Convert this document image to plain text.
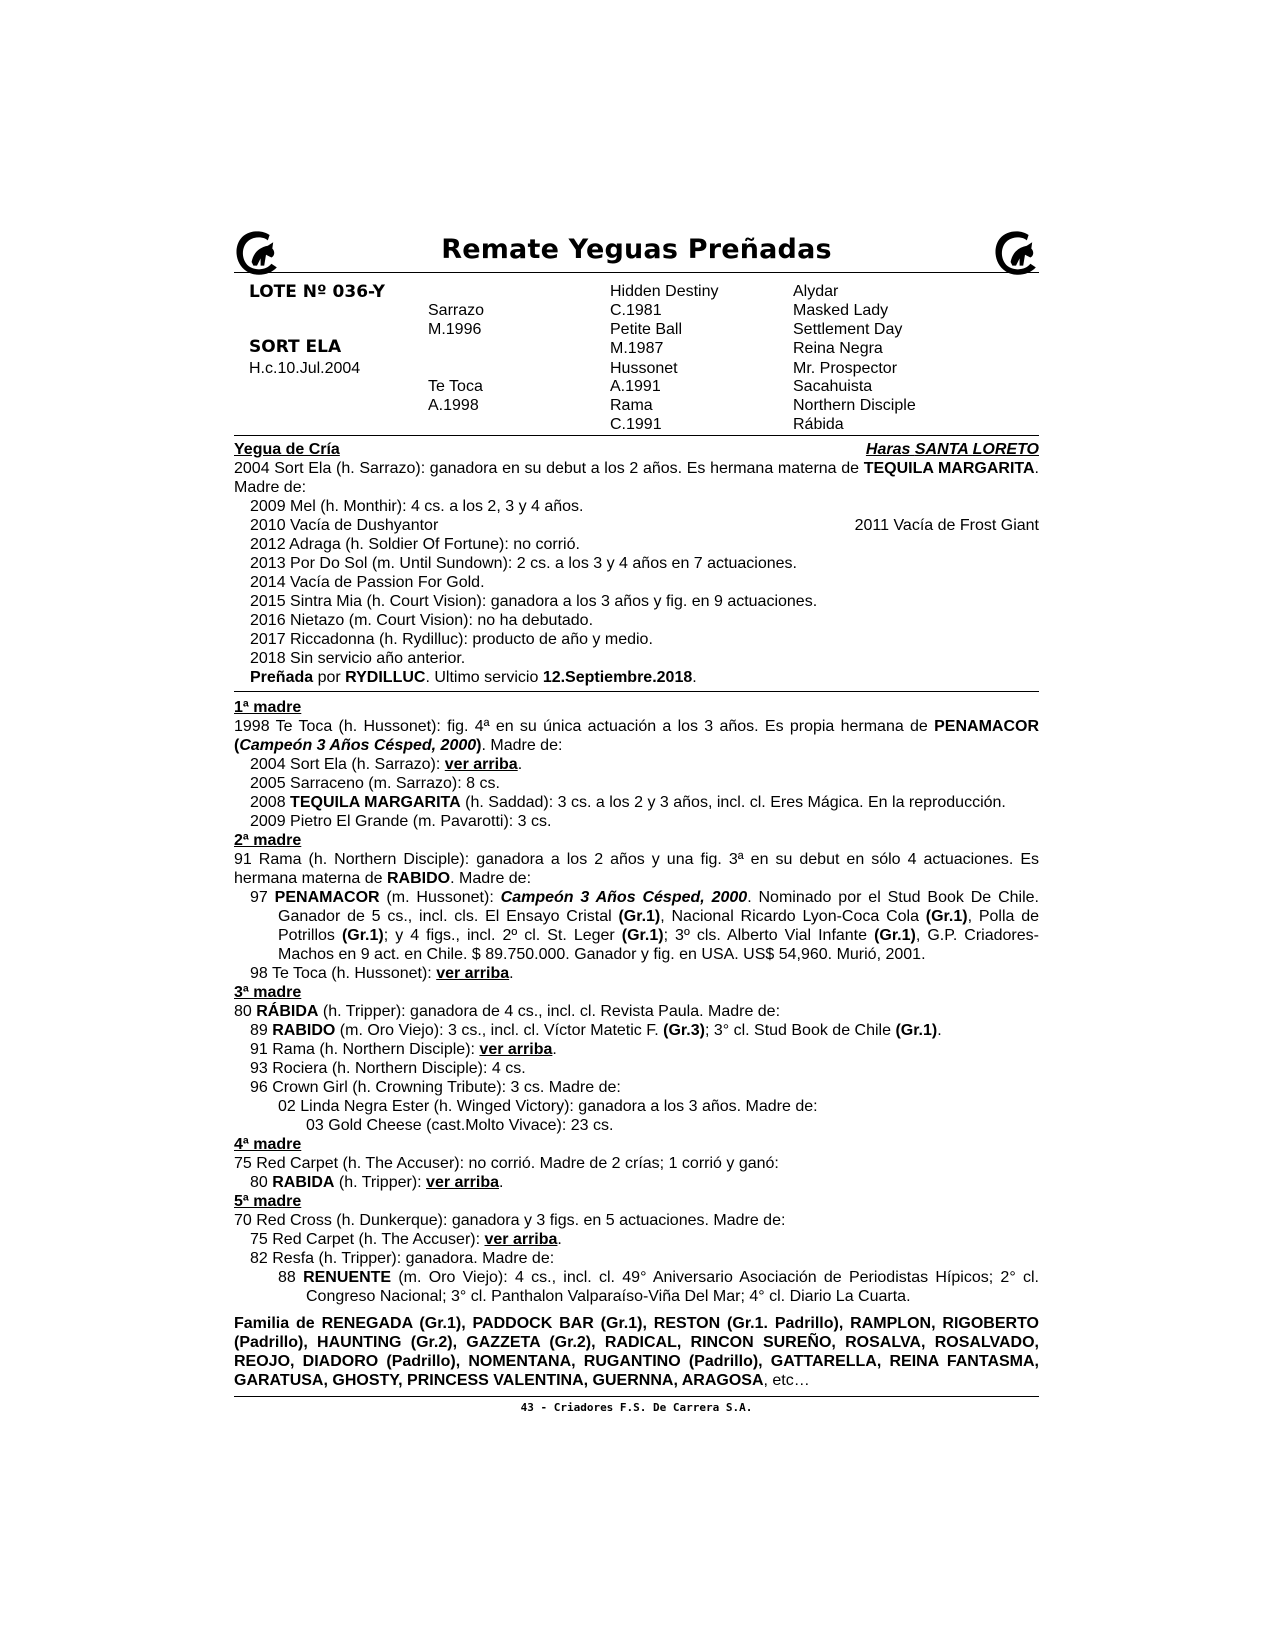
Remate Yeguas Preñadas
LOTE Nº 036-Y
SORT ELA
H.c.10.Jul.2004
Sarrazo
M.1996
Te Toca
A.1998
Hidden Destiny
C.1981
Petite Ball
M.1987
Hussonet
A.1991
Rama
C.1991
Alydar
Masked Lady
Settlement Day
Reina Negra
Mr. Prospector
Sacahuista
Northern Disciple
Rábida
Yegua de Cría	Haras SANTA LORETO

2004 Sort Ela (h. Sarrazo): ganadora en su debut a los 2 años. Es hermana materna de TEQUILA MARGARITA. Madre de:

2009 Mel (h. Monthir): 4 cs. a los 2, 3 y 4 años.

2010 Vacía de Dushyantor	2011 Vacía de Frost Giant

2012 Adraga (h. Soldier Of Fortune): no corrió.

2013 Por Do Sol (m. Until Sundown): 2 cs. a los 3 y 4 años en 7 actuaciones.

2014 Vacía de Passion For Gold.

2015 Sintra Mia (h. Court Vision): ganadora a los 3 años y fig. en 9 actuaciones.

2016 Nietazo (m. Court Vision): no ha debutado.

2017 Riccadonna (h. Rydilluc): producto de año y medio.

2018 Sin servicio año anterior.

Preñada por RYDILLUC. Ultimo servicio 12.Septiembre.2018.

1ª madre

1998 Te Toca (h. Hussonet): fig. 4ª en su única actuación a los 3 años. Es propia hermana de PENAMACOR (Campeón 3 Años Césped, 2000). Madre de:

2004 Sort Ela (h. Sarrazo): ver arriba.

2005 Sarraceno (m. Sarrazo): 8 cs.

2008 TEQUILA MARGARITA (h. Saddad): 3 cs. a los 2 y 3 años, incl. cl. Eres Mágica. En la reproducción.

2009 Pietro El Grande (m. Pavarotti): 3 cs.

2ª madre

91 Rama (h. Northern Disciple): ganadora a los 2 años y una fig. 3ª en su debut en sólo 4 actuaciones. Es hermana materna de RABIDO. Madre de:

97 PENAMACOR (m. Hussonet): Campeón 3 Años Césped, 2000. Nominado por el Stud Book De Chile. Ganador de 5 cs., incl. cls. El Ensayo Cristal (Gr.1), Nacional Ricardo Lyon-Coca Cola (Gr.1), Polla de Potrillos (Gr.1); y 4 figs., incl. 2º cl. St. Leger (Gr.1); 3º cls. Alberto Vial Infante (Gr.1), G.P. Criadores-Machos en 9 act. en Chile. $ 89.750.000. Ganador y fig. en USA. US$ 54,960. Murió, 2001.

98 Te Toca (h. Hussonet): ver arriba.

3ª madre

80 RÁBIDA (h. Tripper): ganadora de 4 cs., incl. cl. Revista Paula. Madre de:

89 RABIDO (m. Oro Viejo): 3 cs., incl. cl. Víctor Matetic F. (Gr.3); 3° cl. Stud Book de Chile (Gr.1).

91 Rama (h. Northern Disciple): ver arriba.

93 Rociera (h. Northern Disciple): 4 cs.

96 Crown Girl (h. Crowning Tribute): 3 cs. Madre de:

02 Linda Negra Ester (h. Winged Victory): ganadora a los 3 años. Madre de:

03 Gold Cheese (cast.Molto Vivace): 23 cs.

4ª madre

75 Red Carpet (h. The Accuser): no corrió. Madre de 2 crías; 1 corrió y ganó:

80 RABIDA (h. Tripper): ver arriba.

5ª madre

70 Red Cross (h. Dunkerque): ganadora y 3 figs. en 5 actuaciones. Madre de:

75 Red Carpet (h. The Accuser): ver arriba.

82 Resfa (h. Tripper): ganadora. Madre de:

88 RENUENTE (m. Oro Viejo): 4 cs., incl. cl. 49° Aniversario Asociación de Periodistas Hípicos; 2° cl. Congreso Nacional; 3° cl. Panthalon Valparaíso-Viña Del Mar; 4° cl. Diario La Cuarta.

Familia de RENEGADA (Gr.1), PADDOCK BAR (Gr.1), RESTON (Gr.1. Padrillo), RAMPLON, RIGOBERTO (Padrillo), HAUNTING (Gr.2), GAZZETA (Gr.2), RADICAL, RINCON SUREÑO, ROSALVA, ROSALVADO, REOJO, DIADORO (Padrillo), NOMENTANA, RUGANTINO (Padrillo), GATTARELLA, REINA FANTASMA, GARATUSA, GHOSTY, PRINCESS VALENTINA, GUERNNA, ARAGOSA, etc…
43 - Criadores F.S. De Carrera S.A.
